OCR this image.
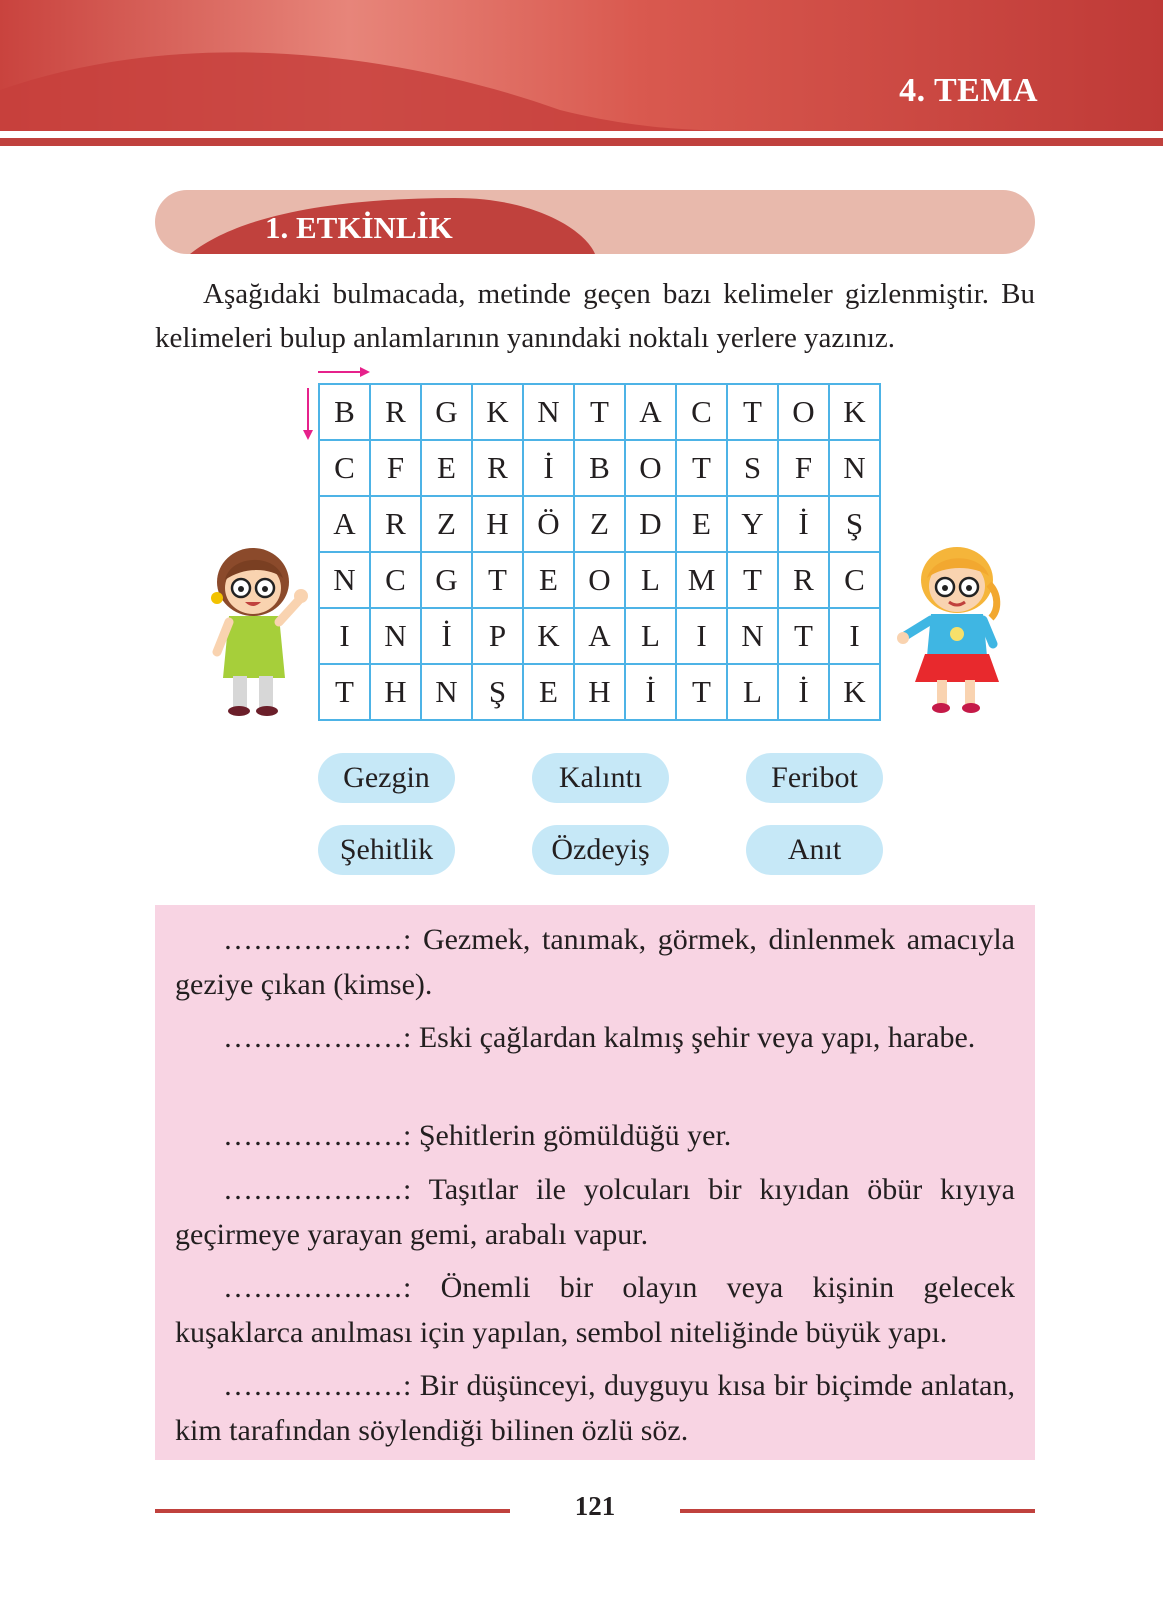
4. TEMA
1. ETKİNLİK
Aşağıdaki bulmacada, metinde geçen bazı kelimeler gizlenmiştir. Bu kelimeleri bulup anlamlarının yanındaki noktalı yerlere yazınız.
B	R	G	K	N	T	A	C	T	O	K
C	F	E	R	İ	B	O	T	S	F	N
A	R	Z	H	Ö	Z	D	E	Y	İ	Ş
N	C	G	T	E	O	L	M	T	R	C
I	N	İ	P	K	A	L	I	N	T	I
T	H	N	Ş	E	H	İ	T	L	İ	K
Gezgin	Kalıntı	Feribot
Şehitlik	Özdeyiş	Anıt
………………: Gezmek, tanımak, görmek, dinlenmek amacıyla geziye çıkan (kimse).
………………: Eski çağlardan kalmış şehir veya yapı, harabe.
………………: Şehitlerin gömüldüğü yer.
………………: Taşıtlar ile yolcuları bir kıyıdan öbür kıyıya geçirmeye yarayan gemi, arabalı vapur.
………………: Önemli bir olayın veya kişinin gelecek kuşaklarca anılması için yapılan, sembol niteliğinde büyük yapı.
………………: Bir düşünceyi, duyguyu kısa bir biçimde anlatan, kim tarafından söylendiği bilinen özlü söz.
121
